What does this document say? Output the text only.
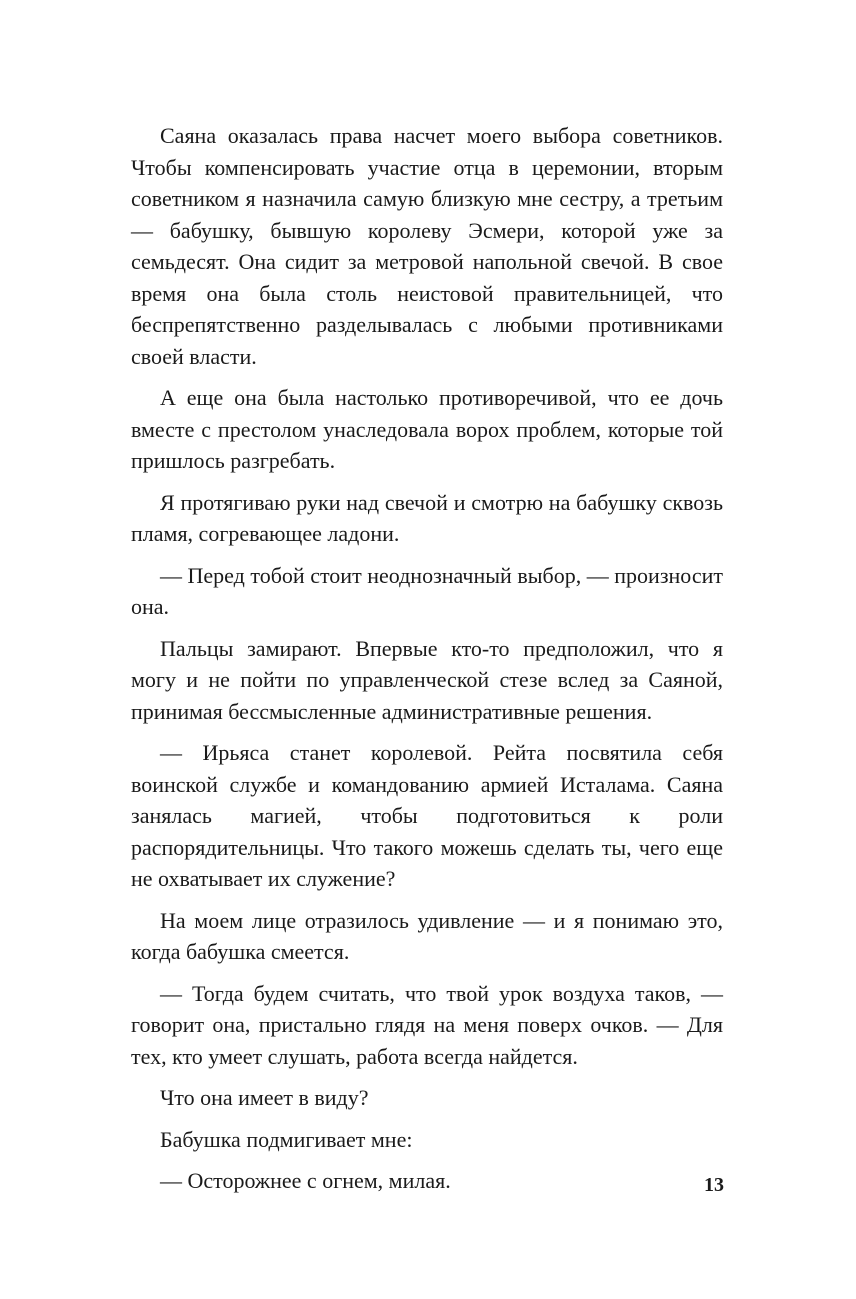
Саяна оказалась права насчет моего выбора советников. Чтобы компенсировать участие отца в церемонии, вторым советником я назначила самую близкую мне сестру, а третьим — бабушку, бывшую королеву Эсмери, которой уже за семьдесят. Она сидит за метровой напольной свечой. В свое время она была столь неистовой правительницей, что беспрепятственно разделывалась с любыми противниками своей власти.

А еще она была настолько противоречивой, что ее дочь вместе с престолом унаследовала ворох проблем, которые той пришлось разгребать.

Я протягиваю руки над свечой и смотрю на бабушку сквозь пламя, согревающее ладони.

— Перед тобой стоит неоднозначный выбор, — произносит она.

Пальцы замирают. Впервые кто-то предположил, что я могу и не пойти по управленческой стезе вслед за Саяной, принимая бессмысленные административные решения.

— Ирьяса станет королевой. Рейта посвятила себя воинской службе и командованию армией Исталама. Саяна занялась магией, чтобы подготовиться к роли распорядительницы. Что такого можешь сделать ты, чего еще не охватывает их служение?

На моем лице отразилось удивление — и я понимаю это, когда бабушка смеется.

— Тогда будем считать, что твой урок воздуха таков, — говорит она, пристально глядя на меня поверх очков. — Для тех, кто умеет слушать, работа всегда найдется.

Что она имеет в виду?

Бабушка подмигивает мне:

— Осторожнее с огнем, милая.	13
